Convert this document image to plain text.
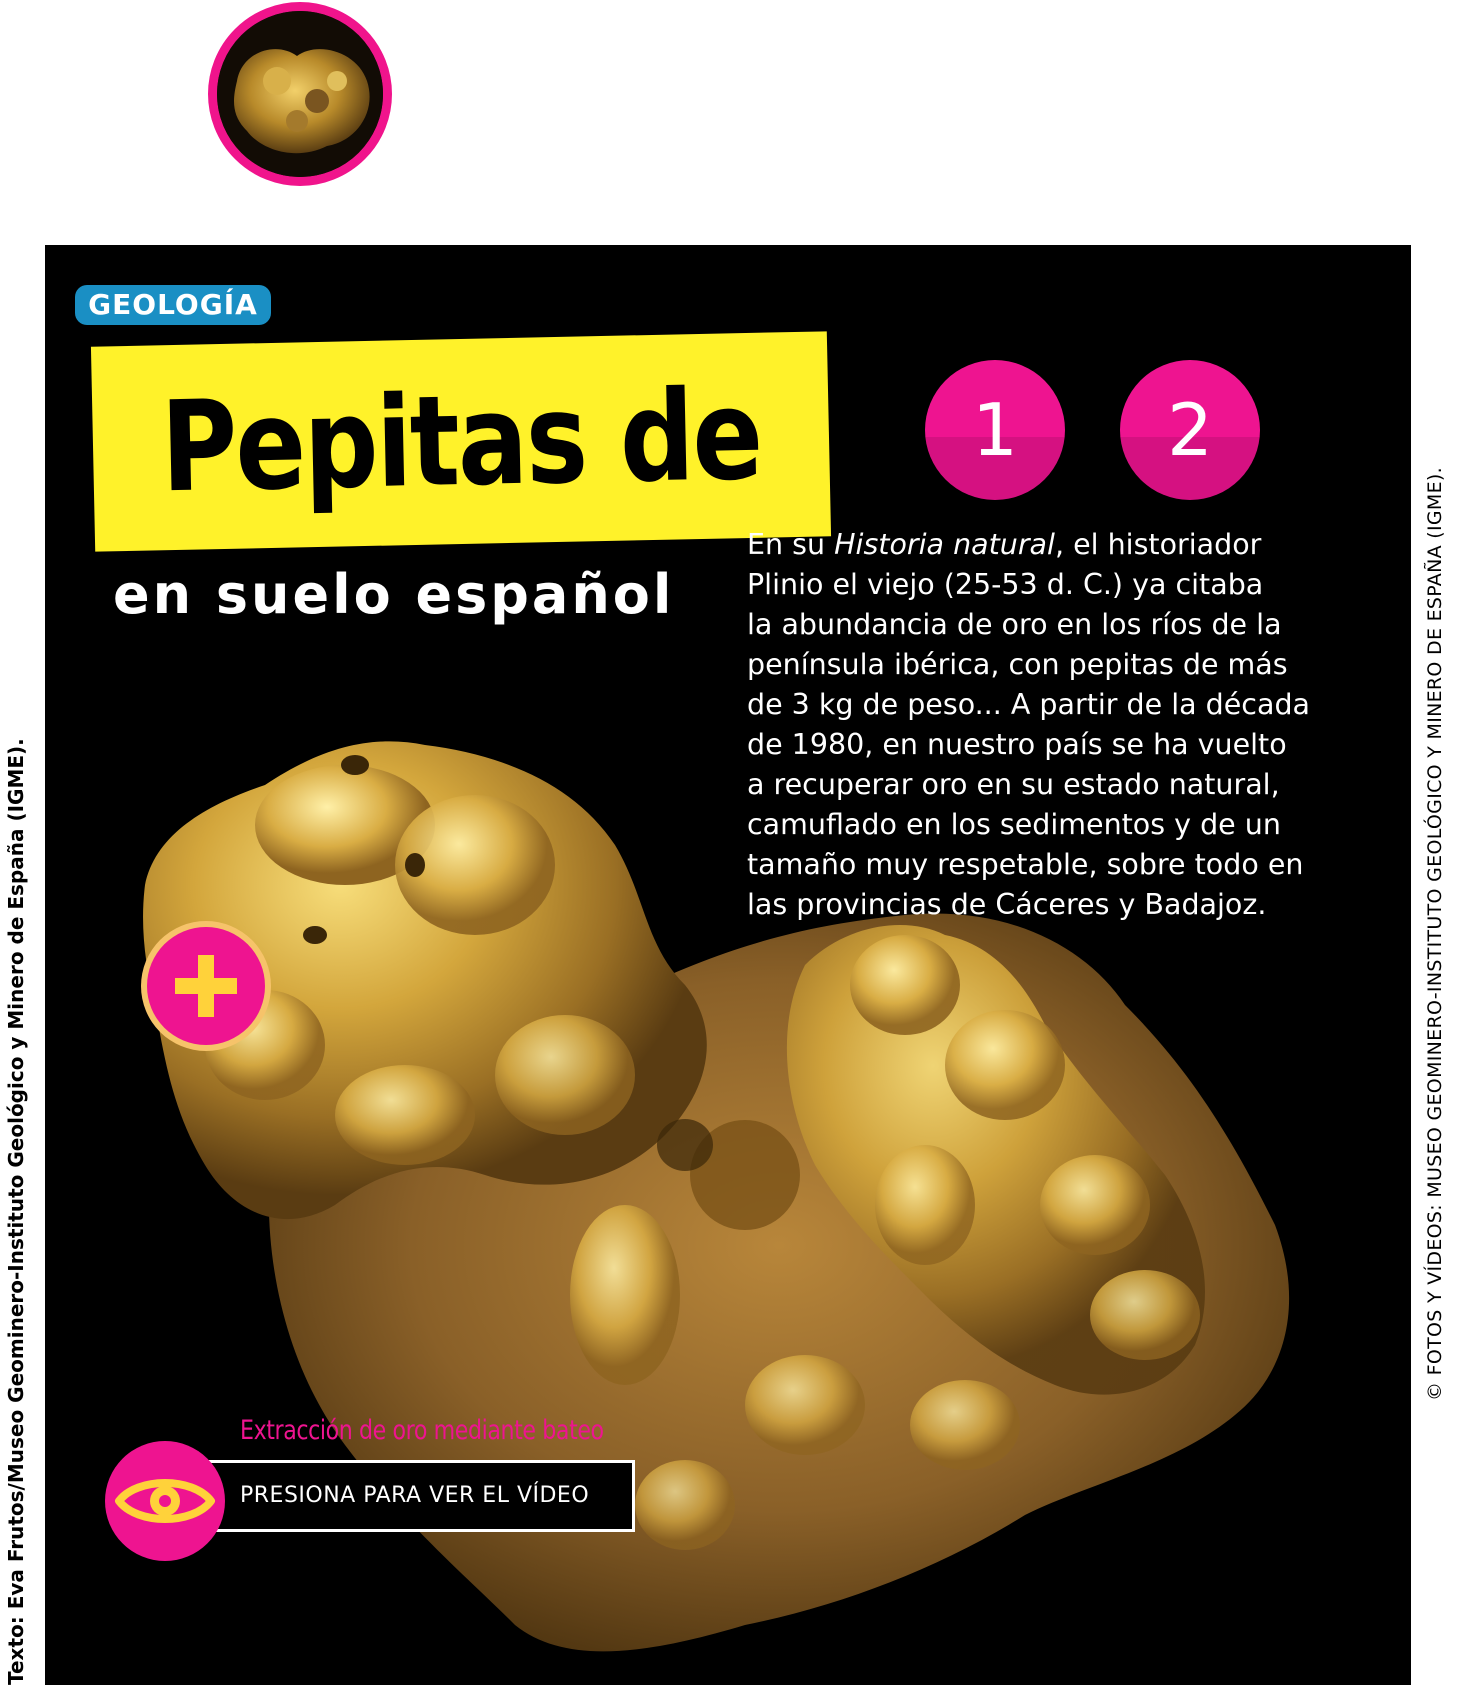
GEOLOGÍA
Pepitas de oro
en suelo español
1	2

En su Historia natural, el historiador

Plinio el viejo (25-53 d. C.) ya citaba

la abundancia de oro en los ríos de la

península ibérica, con pepitas de más

de 3 kg de peso... A partir de la década

de 1980, en nuestro país se ha vuelto

a recuperar oro en su estado natural,

camuflado en los sedimentos y de un

tamaño muy respetable, sobre todo en

las provincias de Cáceres y Badajoz.

Extracción de oro mediante bateo
PRESIONA PARA VER EL VÍDEO
Texto: Eva Frutos/Museo Geominero-Instituto Geológico y Minero de España (IGME).	© FOTOS Y VÍDEOS: MUSEO GEOMINERO-INSTITUTO GEOLÓGICO Y MINERO DE ESPAÑA (IGME).
